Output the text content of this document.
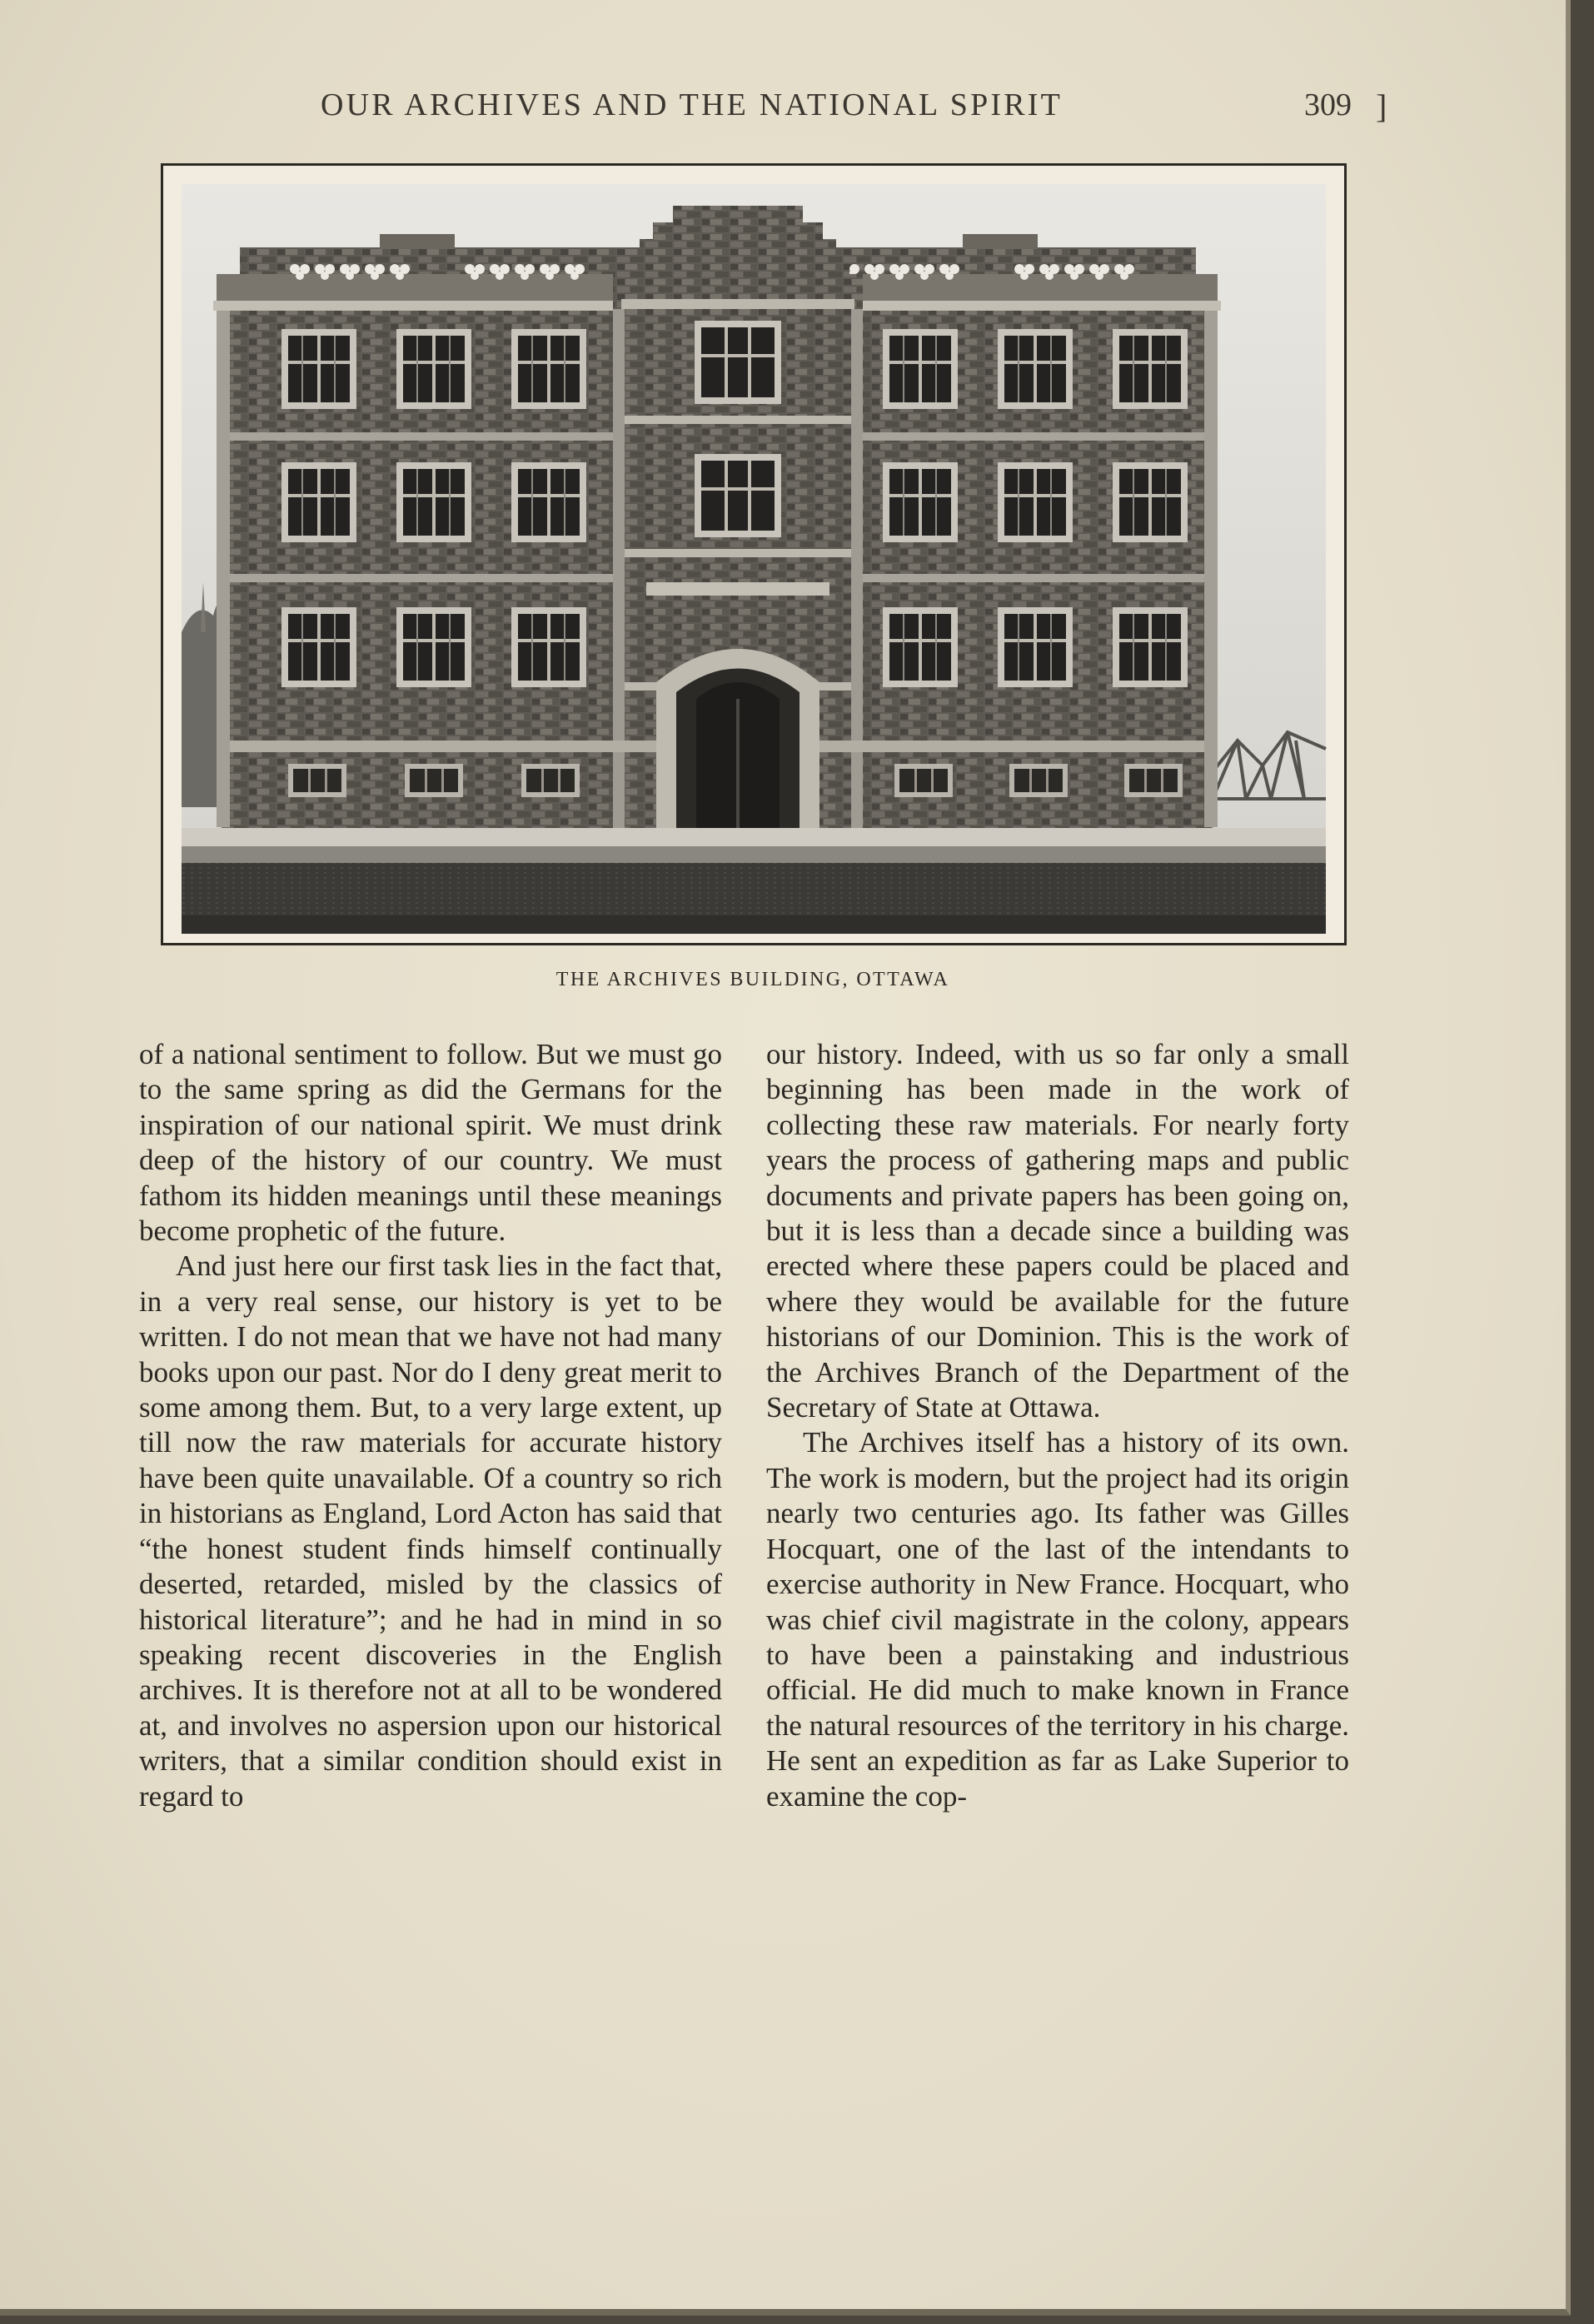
OUR ARCHIVES AND THE NATIONAL SPIRIT	309 ]
THE ARCHIVES BUILDING, OTTAWA

of a national sentiment to follow. But we must go to the same spring as did the Germans for the inspiration of our national spirit. We must drink deep of the history of our country. We must fathom its hidden meanings until these meanings become prophetic of the future.

And just here our first task lies in the fact that, in a very real sense, our history is yet to be written. I do not mean that we have not had many books upon our past. Nor do I deny great merit to some among them. But, to a very large extent, up till now the raw materials for accurate history have been quite unavailable. Of a country so rich in historians as England, Lord Acton has said that “the honest student finds himself continually deserted, retarded, misled by the classics of historical literature”; and he had in mind in so speaking recent discoveries in the English archives. It is therefore not at all to be wondered at, and involves no aspersion upon our historical writers, that a similar condition should exist in regard to

our history. Indeed, with us so far only a small beginning has been made in the work of collecting these raw materials. For nearly forty years the process of gathering maps and public documents and private papers has been going on, but it is less than a decade since a building was erected where these papers could be placed and where they would be available for the future historians of our Dominion. This is the work of the Archives Branch of the Department of the Secretary of State at Ottawa.

The Archives itself has a history of its own. The work is modern, but the project had its origin nearly two centuries ago. Its father was Gilles Hocquart, one of the last of the intendants to exercise authority in New France. Hocquart, who was chief civil magistrate in the colony, appears to have been a painstaking and industrious official. He did much to make known in France the natural resources of the territory in his charge. He sent an expedition as far as Lake Superior to examine the cop-
